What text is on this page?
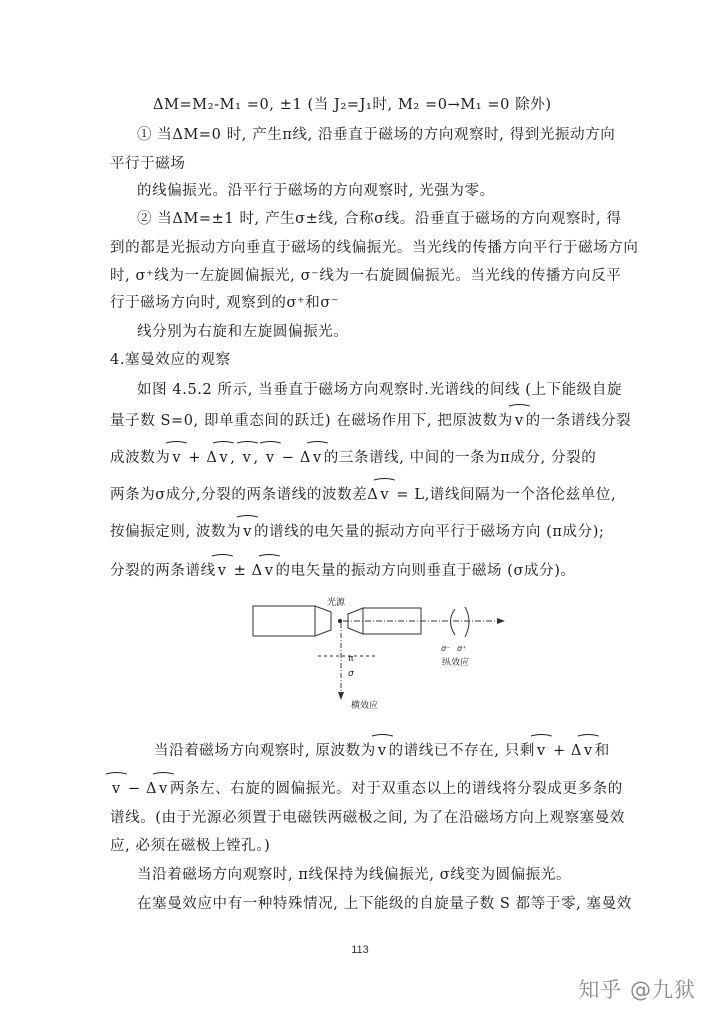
ΔM=M₂-M₁ =0, ±1 (当 J₂=J₁时, M₂ =0→M₁ =0 除外)
① 当ΔM=0 时, 产生π线, 沿垂直于磁场的方向观察时, 得到光振动方向
平行于磁场
的线偏振光。沿平行于磁场的方向观察时, 光强为零。
② 当ΔM=±1 时, 产生σ±线, 合称σ线。沿垂直于磁场的方向观察时, 得
到的都是光振动方向垂直于磁场的线偏振光。当光线的传播方向平行于磁场方向
时, σ⁺线为一左旋圆偏振光, σ⁻线为一右旋圆偏振光。当光线的传播方向反平
行于磁场方向时, 观察到的σ⁺和σ⁻
线分别为右旋和左旋圆偏振光。
4.塞曼效应的观察
如图 4.5.2 所示, 当垂直于磁场方向观察时.光谱线的间线 (上下能级自旋
量子数 S=0, 即单重态间的跃迁) 在磁场作用下, 把原波数为 ‿ v 的一条谱线分裂
成波数为 ‿ v + Δ ‿ v , ‿ v , ‿ v − Δ ‿ v 的三条谱线, 中间的一条为π成分, 分裂的
两条为σ成分,分裂的两条谱线的波数差Δ ‿ v = L,谱线间隔为一个洛伦兹单位,
按偏振定则, 波数为 ‿ v 的谱线的电矢量的振动方向平行于磁场方向 (π成分);
分裂的两条谱线 ‿ v ± Δ ‿ v 的电矢量的振动方向则垂直于磁场 (σ成分)。
光源
π
σ
σ⁻ σ⁺
纵效应
横效应
当沿着磁场方向观察时, 原波数为 ‿ v 的谱线已不存在, 只剩 ‿ v + Δ ‿ v 和
‿ v − Δ ‿ v 两条左、右旋的圆偏振光。对于双重态以上的谱线将分裂成更多条的
谱线。(由于光源必须置于电磁铁两磁极之间, 为了在沿磁场方向上观察塞曼效
应, 必须在磁极上镗孔。)
当沿着磁场方向观察时, π线保持为线偏振光, σ线变为圆偏振光。
在塞曼效应中有一种特殊情况, 上下能级的自旋量子数 S 都等于零, 塞曼效
113
知乎 @九狱
